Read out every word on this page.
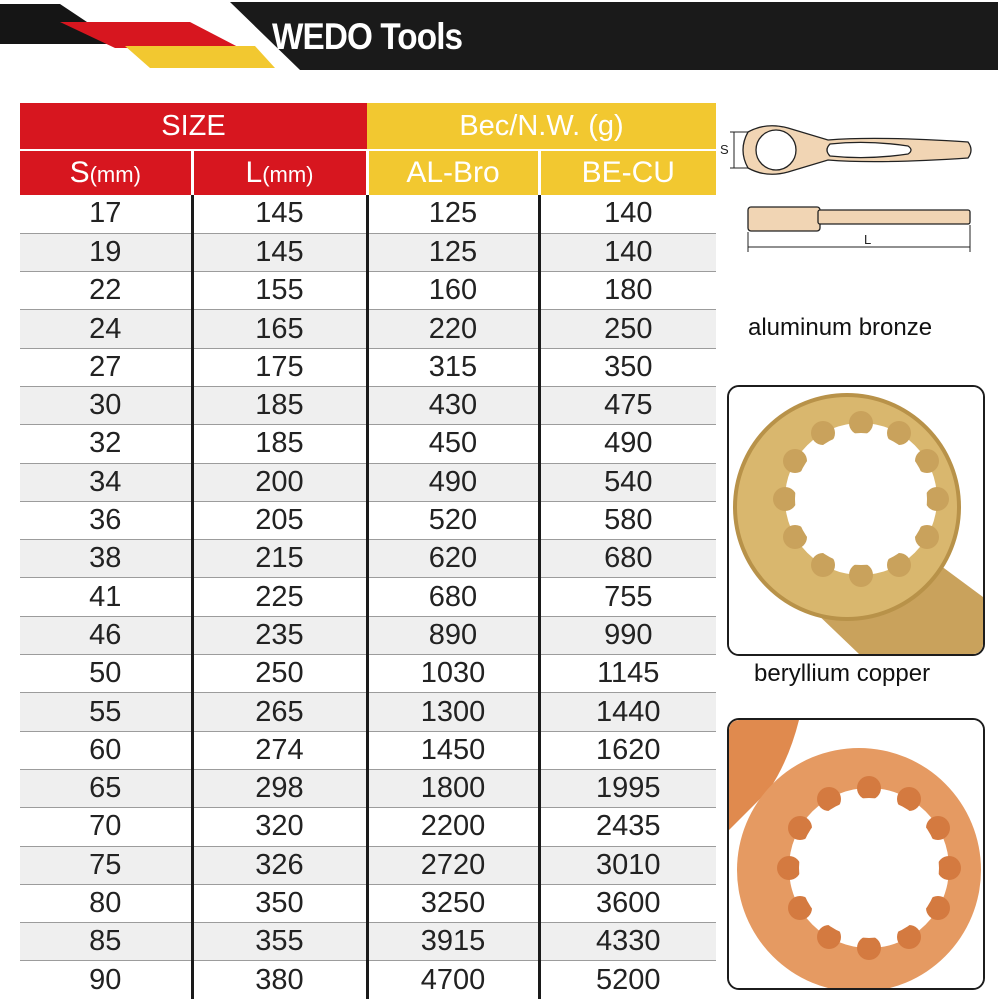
WEDO Tools
SIZE		Bec/N.W. (g)	
S(mm)	L(mm)	AL-Bro	BE-CU
17	145	125	140
19	145	125	140
22	155	160	180
24	165	220	250
27	175	315	350
30	185	430	475
32	185	450	490
34	200	490	540
36	205	520	580
38	215	620	680
41	225	680	755
46	235	890	990
50	250	1030	1145
55	265	1300	1440
60	274	1450	1620
65	298	1800	1995
70	320	2200	2435
75	326	2720	3010
80	350	3250	3600
85	355	3915	4330
90	380	4700	5200
S
L
aluminum bronze
beryllium copper
